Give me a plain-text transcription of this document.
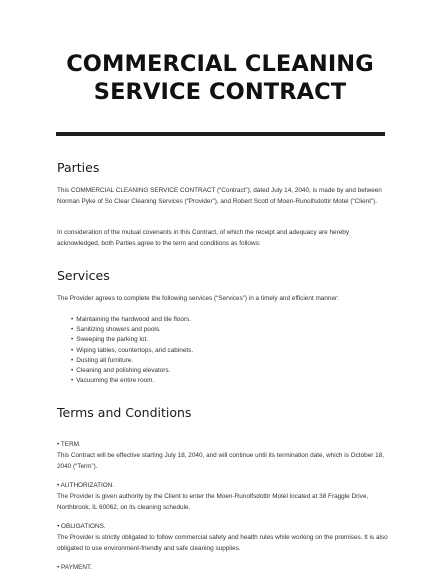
COMMERCIAL CLEANING
SERVICE CONTRACT
Parties
This COMMERCIAL CLEANING SERVICE CONTRACT (“Contract”), dated July 14, 2040, is made by and between Norman Pyke of So Clear Cleaning Services (“Provider”), and Robert Scott of Moen-Runolfsdottir Motel (“Client”).
In consideration of the mutual covenants in this Contract, of which the receipt and adequacy are hereby acknowledged, both Parties agree to the term and conditions as follows:
Services
The Provider agrees to complete the following services (“Services”) in a timely and efficient manner:
• Maintaining the hardwood and tile floors.
• Sanitizing showers and pools.
• Sweeping the parking lot.
• Wiping tables, countertops, and cabinets.
• Dusting all furniture.
• Cleaning and polishing elevators.
• Vacuuming the entire room.
Terms and Conditions
• TERM.
This Contract will be effective starting July 18, 2040, and will continue until its termination date, which is October 18, 2040 (“Term”).
• AUTHORIZATION.
The Provider is given authority by the Client to enter the Moen-Runolfsdottir Motel located at 38 Fraggle Drive, Northbrook, IL 60062, on its cleaning schedule.
• OBLIGATIONS.
The Provider is strictly obligated to follow commercial safety and health rules while working on the premises. It is also obligated to use environment-friendly and safe cleaning supplies.
• PAYMENT.
